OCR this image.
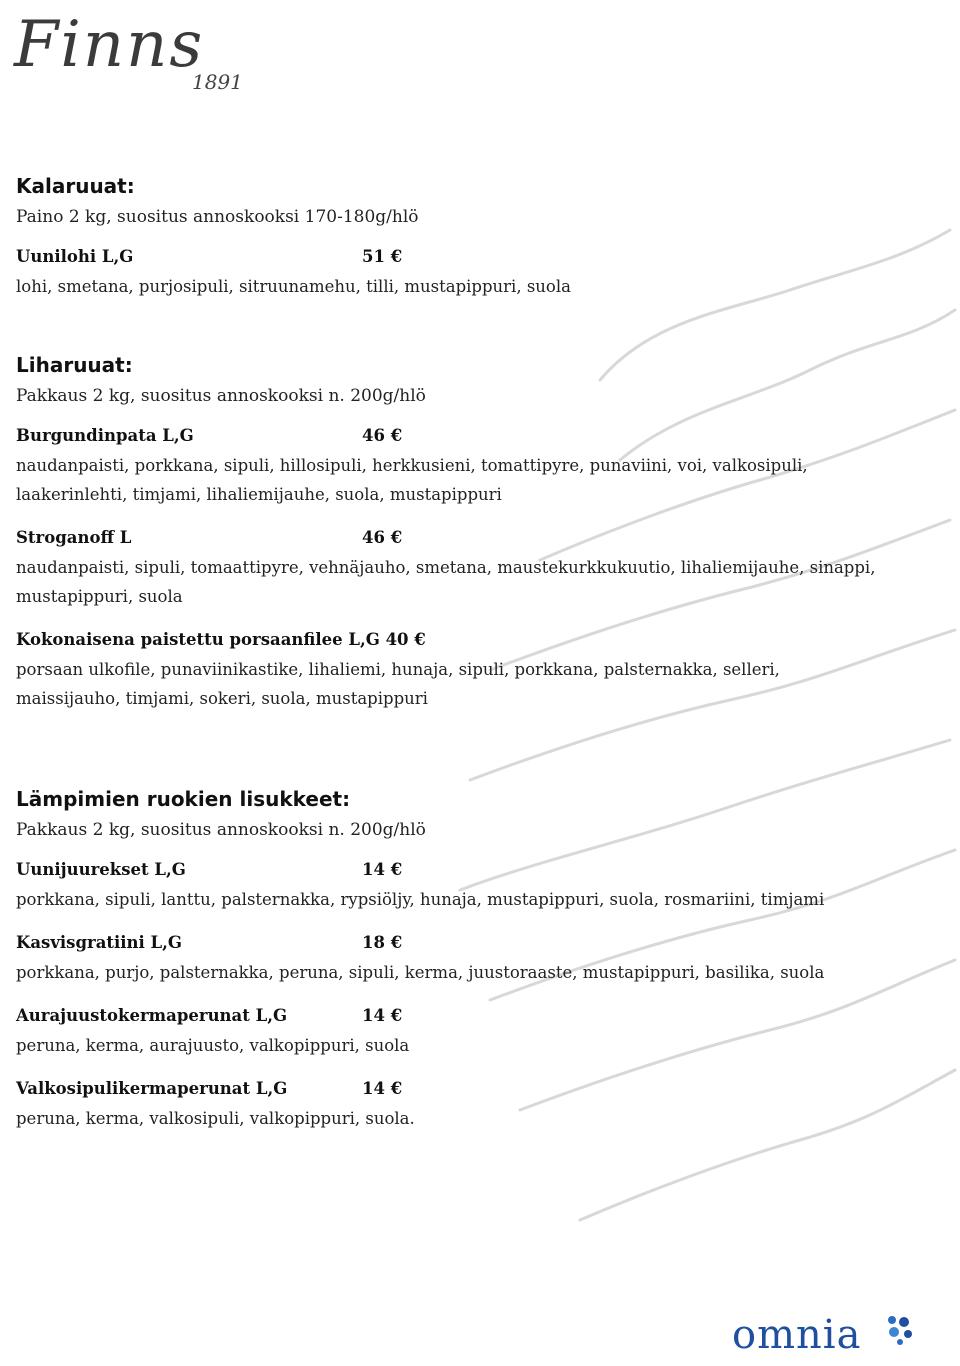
Finns
1891
Kalaruuat:

Paino 2 kg, suositus annoskooksi 170-180g/hlö

Uunilohi L,G	51 €

lohi, smetana, purjosipuli, sitruunamehu, tilli, mustapippuri, suola

Liharuuat:

Pakkaus 2 kg, suositus annoskooksi n. 200g/hlö

Burgundinpata L,G	46 €

naudanpaisti, porkkana, sipuli, hillosipuli, herkkusieni, tomattipyre, punaviini, voi, valkosipuli, laakerinlehti, timjami, lihaliemijauhe, suola, mustapippuri

Stroganoff L	46 €

naudanpaisti, sipuli, tomaattipyre, vehnäjauho, smetana, maustekurkkukuutio, lihaliemijauhe, sinappi, mustapippuri, suola

Kokonaisena paistettu porsaanfilee L,G 40 €

porsaan ulkofile, punaviinikastike, lihaliemi, hunaja, sipuli, porkkana, palsternakka, selleri, maissijauho, timjami, sokeri, suola, mustapippuri

Lämpimien ruokien lisukkeet:

Pakkaus 2 kg, suositus annoskooksi n. 200g/hlö

Uunijuurekset L,G	14 €

porkkana, sipuli, lanttu, palsternakka, rypsiöljy, hunaja, mustapippuri, suola, rosmariini, timjami

Kasvisgratiini L,G	18 €

porkkana, purjo, palsternakka, peruna, sipuli, kerma, juustoraaste, mustapippuri, basilika, suola

Aurajuustokermaperunat L,G	14 €

peruna, kerma, aurajuusto, valkopippuri, suola

Valkosipulikermaperunat L,G	14 €

peruna, kerma, valkosipuli, valkopippuri, suola.

omnia
